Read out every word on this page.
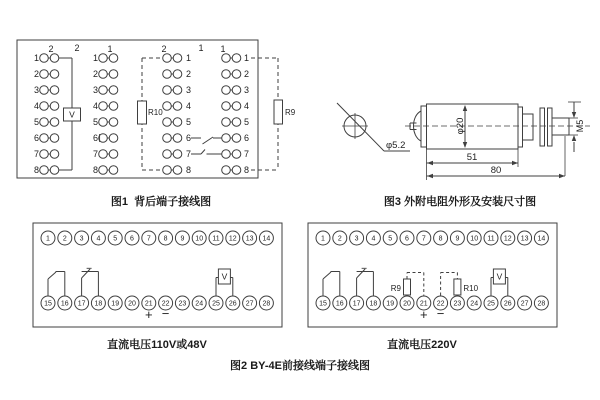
1
2
3
4
5
6
7
8
2 2
V
1
2
3
4
5
6
7
8
1
1
2
3
4
5
6
7
8
2	1
R10
1
2
3
4
5
6
7
8
1
R9
φ5.2
φ20	M5
51
80
1 2 3 4 5 6 7 8 9 10 11 12 13 14
15 16 17 18 19 20 21 22 23 24 25 26 27 28
V
+ −
1 2 3 4 5 6 7 8 9 10 11 12 13 14
15 16 17 18 19 20 21 22 23 24 25 26 27 28
V
+ −
R9	R10
图1  背后端子接线图	图3 外附电阻外形及安装尺寸图
直流电压110V或48V	直流电压220V
图2 BY-4E前接线端子接线图
